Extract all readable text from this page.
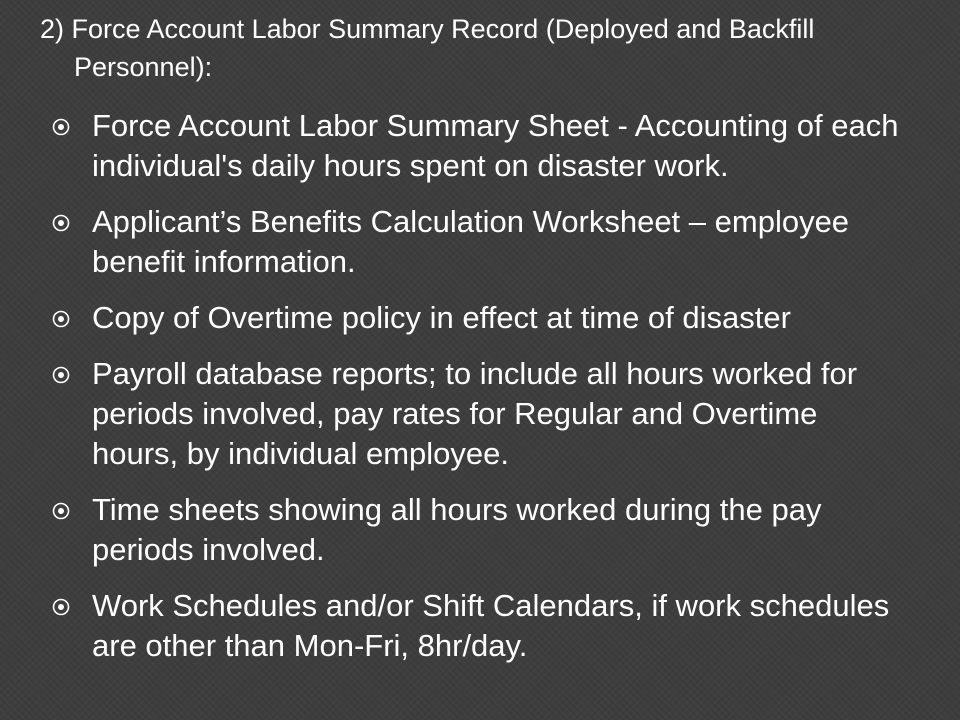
2) Force Account Labor Summary Record (Deployed and Backfill Personnel):

Force Account Labor Summary Sheet - Accounting of each individual's daily hours spent on disaster work.
Applicant’s Benefits Calculation Worksheet – employee benefit information.
Copy of Overtime policy in effect at time of disaster
Payroll database reports; to include all hours worked for periods involved, pay rates for Regular and Overtime hours, by individual employee.
Time sheets showing all hours worked during the pay periods involved.
Work Schedules and/or Shift Calendars, if work schedules are other than Mon-Fri, 8hr/day.
